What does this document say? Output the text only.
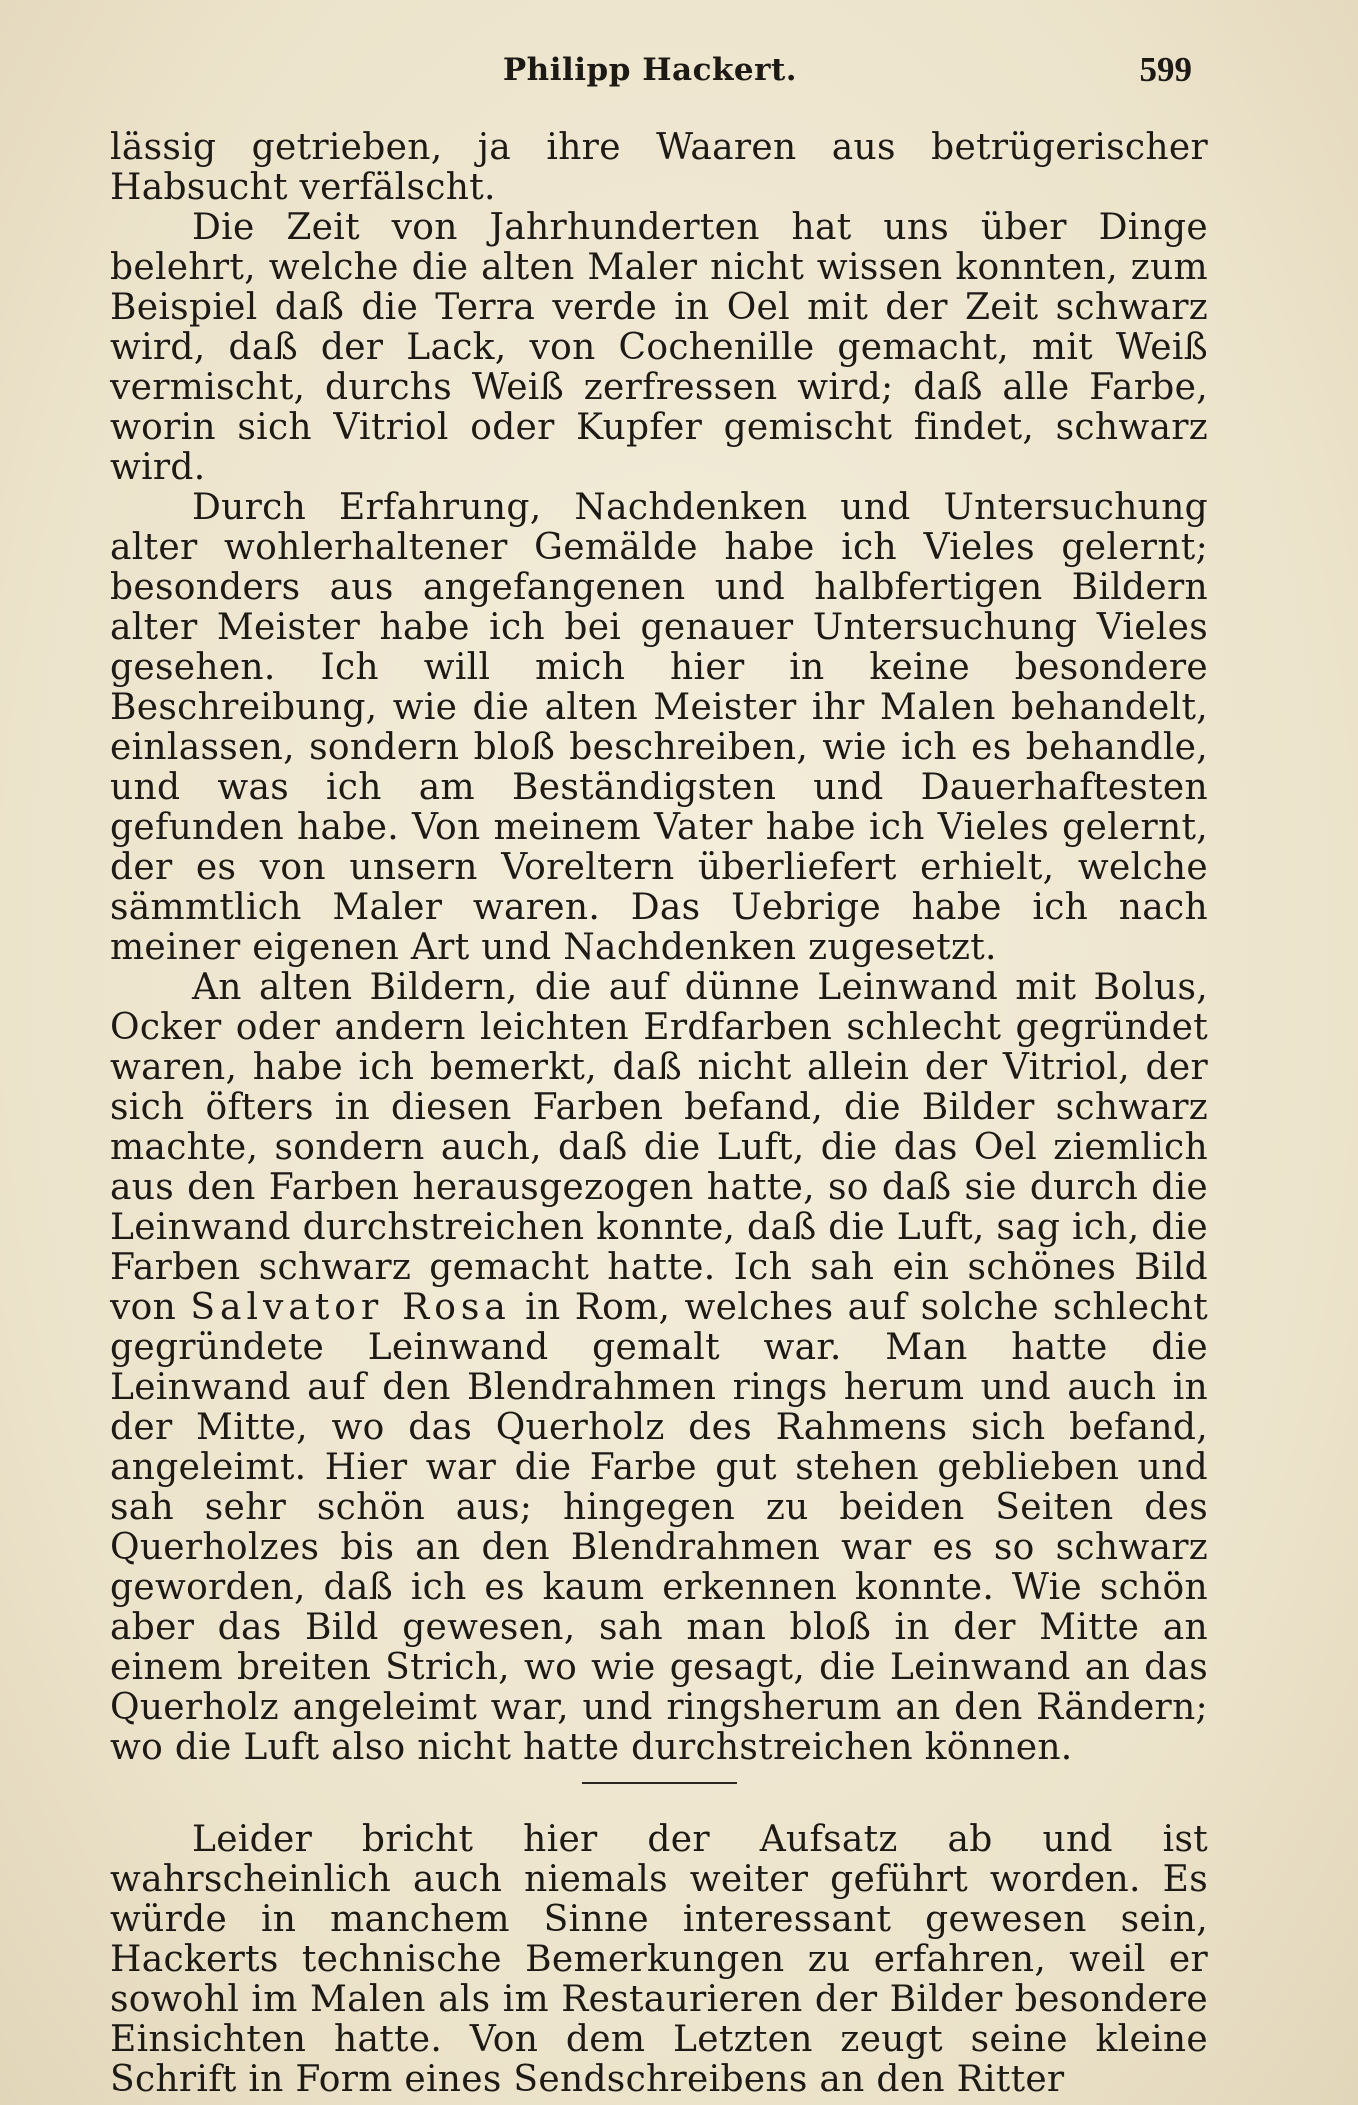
Philipp Hackert.	599

lässig getrieben, ja ihre Waaren aus betrügerischer Habsucht verfälscht.

Die Zeit von Jahrhunderten hat uns über Dinge belehrt, welche die alten Maler nicht wissen konnten, zum Beispiel daß die Terra verde in Oel mit der Zeit schwarz wird, daß der Lack, von Cochenille gemacht, mit Weiß vermischt, durchs Weiß zerfressen wird; daß alle Farbe, worin sich Vitriol oder Kupfer gemischt findet, schwarz wird.

Durch Erfahrung, Nachdenken und Untersuchung alter wohlerhaltener Gemälde habe ich Vieles gelernt; besonders aus angefangenen und halbfertigen Bildern alter Meister habe ich bei genauer Untersuchung Vieles gesehen. Ich will mich hier in keine besondere Beschreibung, wie die alten Meister ihr Malen behandelt, einlassen, sondern bloß beschreiben, wie ich es behandle, und was ich am Beständigsten und Dauerhaftesten gefunden habe. Von meinem Vater habe ich Vieles gelernt, der es von unsern Voreltern überliefert erhielt, welche sämmtlich Maler waren. Das Uebrige habe ich nach meiner eigenen Art und Nachdenken zugesetzt.

An alten Bildern, die auf dünne Leinwand mit Bolus, Ocker oder andern leichten Erdfarben schlecht gegründet waren, habe ich bemerkt, daß nicht allein der Vitriol, der sich öfters in diesen Farben befand, die Bilder schwarz machte, sondern auch, daß die Luft, die das Oel ziemlich aus den Farben herausgezogen hatte, so daß sie durch die Leinwand durchstreichen konnte, daß die Luft, sag ich, die Farben schwarz gemacht hatte. Ich sah ein schönes Bild von Salvator Rosa in Rom, welches auf solche schlecht gegründete Leinwand gemalt war. Man hatte die Leinwand auf den Blendrahmen rings herum und auch in der Mitte, wo das Querholz des Rahmens sich befand, angeleimt. Hier war die Farbe gut stehen geblieben und sah sehr schön aus; hingegen zu beiden Seiten des Querholzes bis an den Blendrahmen war es so schwarz geworden, daß ich es kaum erkennen konnte. Wie schön aber das Bild gewesen, sah man bloß in der Mitte an einem breiten Strich, wo wie gesagt, die Leinwand an das Querholz angeleimt war, und ringsherum an den Rändern; wo die Luft also nicht hatte durchstreichen können.

Leider bricht hier der Aufsatz ab und ist wahrscheinlich auch niemals weiter geführt worden. Es würde in manchem Sinne interessant gewesen sein, Hackerts technische Bemerkungen zu erfahren, weil er sowohl im Malen als im Restaurieren der Bilder besondere Einsichten hatte. Von dem Letzten zeugt seine kleine Schrift in Form eines Sendschreibens an den Ritter
